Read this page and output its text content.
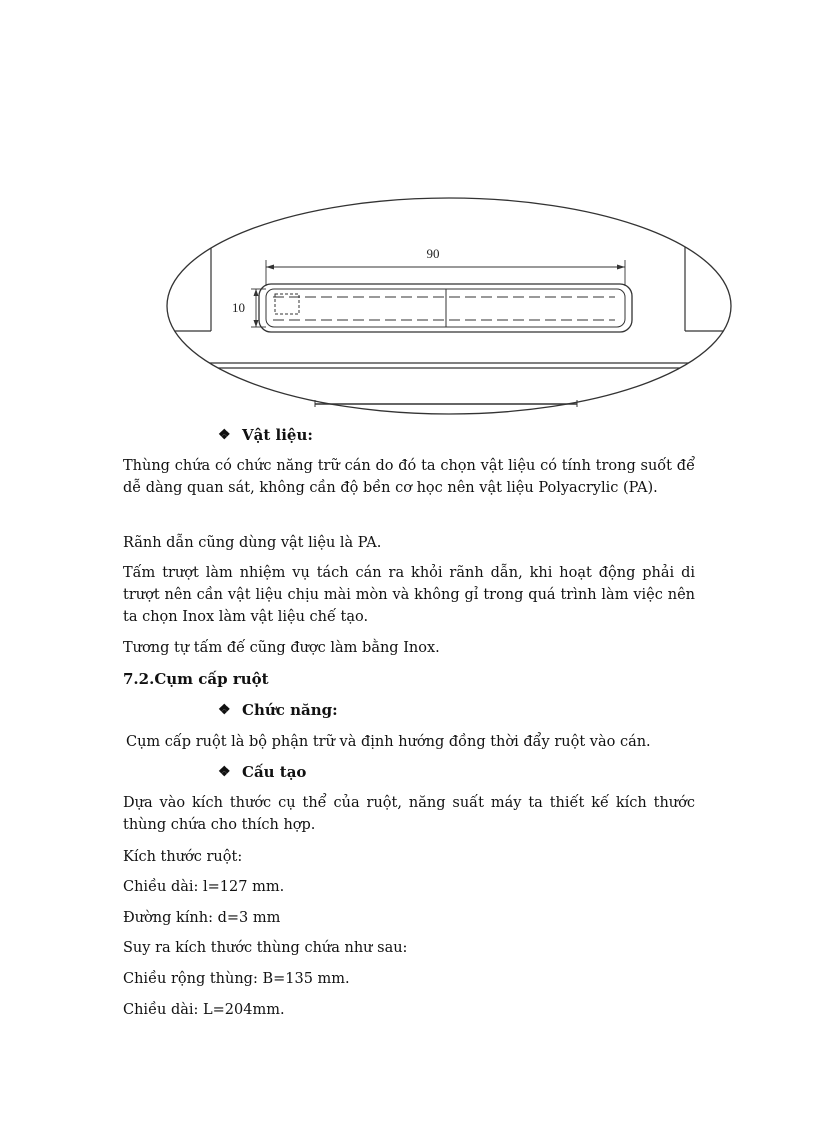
90
10
❖ Vật liệu:

Thùng chứa có chức năng trữ cán do đó ta chọn vật liệu có tính trong suốt để dễ dàng quan sát, không cần độ bền cơ học nên vật liệu Polyacrylic (PA).

Rãnh dẫn cũng dùng vật liệu là PA.

Tấm trượt làm nhiệm vụ tách cán ra khỏi rãnh dẫn, khi hoạt động phải di trượt nên cần vật liệu chịu mài mòn và không gỉ trong quá trình làm việc nên ta chọn Inox làm vật liệu chế tạo.

Tương tự tấm đế cũng được làm bằng Inox.

7.2.Cụm cấp ruột
❖ Chức năng:

Cụm cấp ruột là bộ phận trữ và định hướng đồng thời đẩy ruột vào cán.

❖ Cấu tạo

Dựa vào kích thước cụ thể của ruột, năng suất máy ta thiết kế kích thước thùng chứa cho thích hợp.

Kích thước ruột:

Chiều dài: l=127 mm.

Đường kính: d=3 mm

Suy ra kích thước thùng chứa như sau:

Chiều rộng thùng: B=135 mm.

Chiều dài: L=204mm.
